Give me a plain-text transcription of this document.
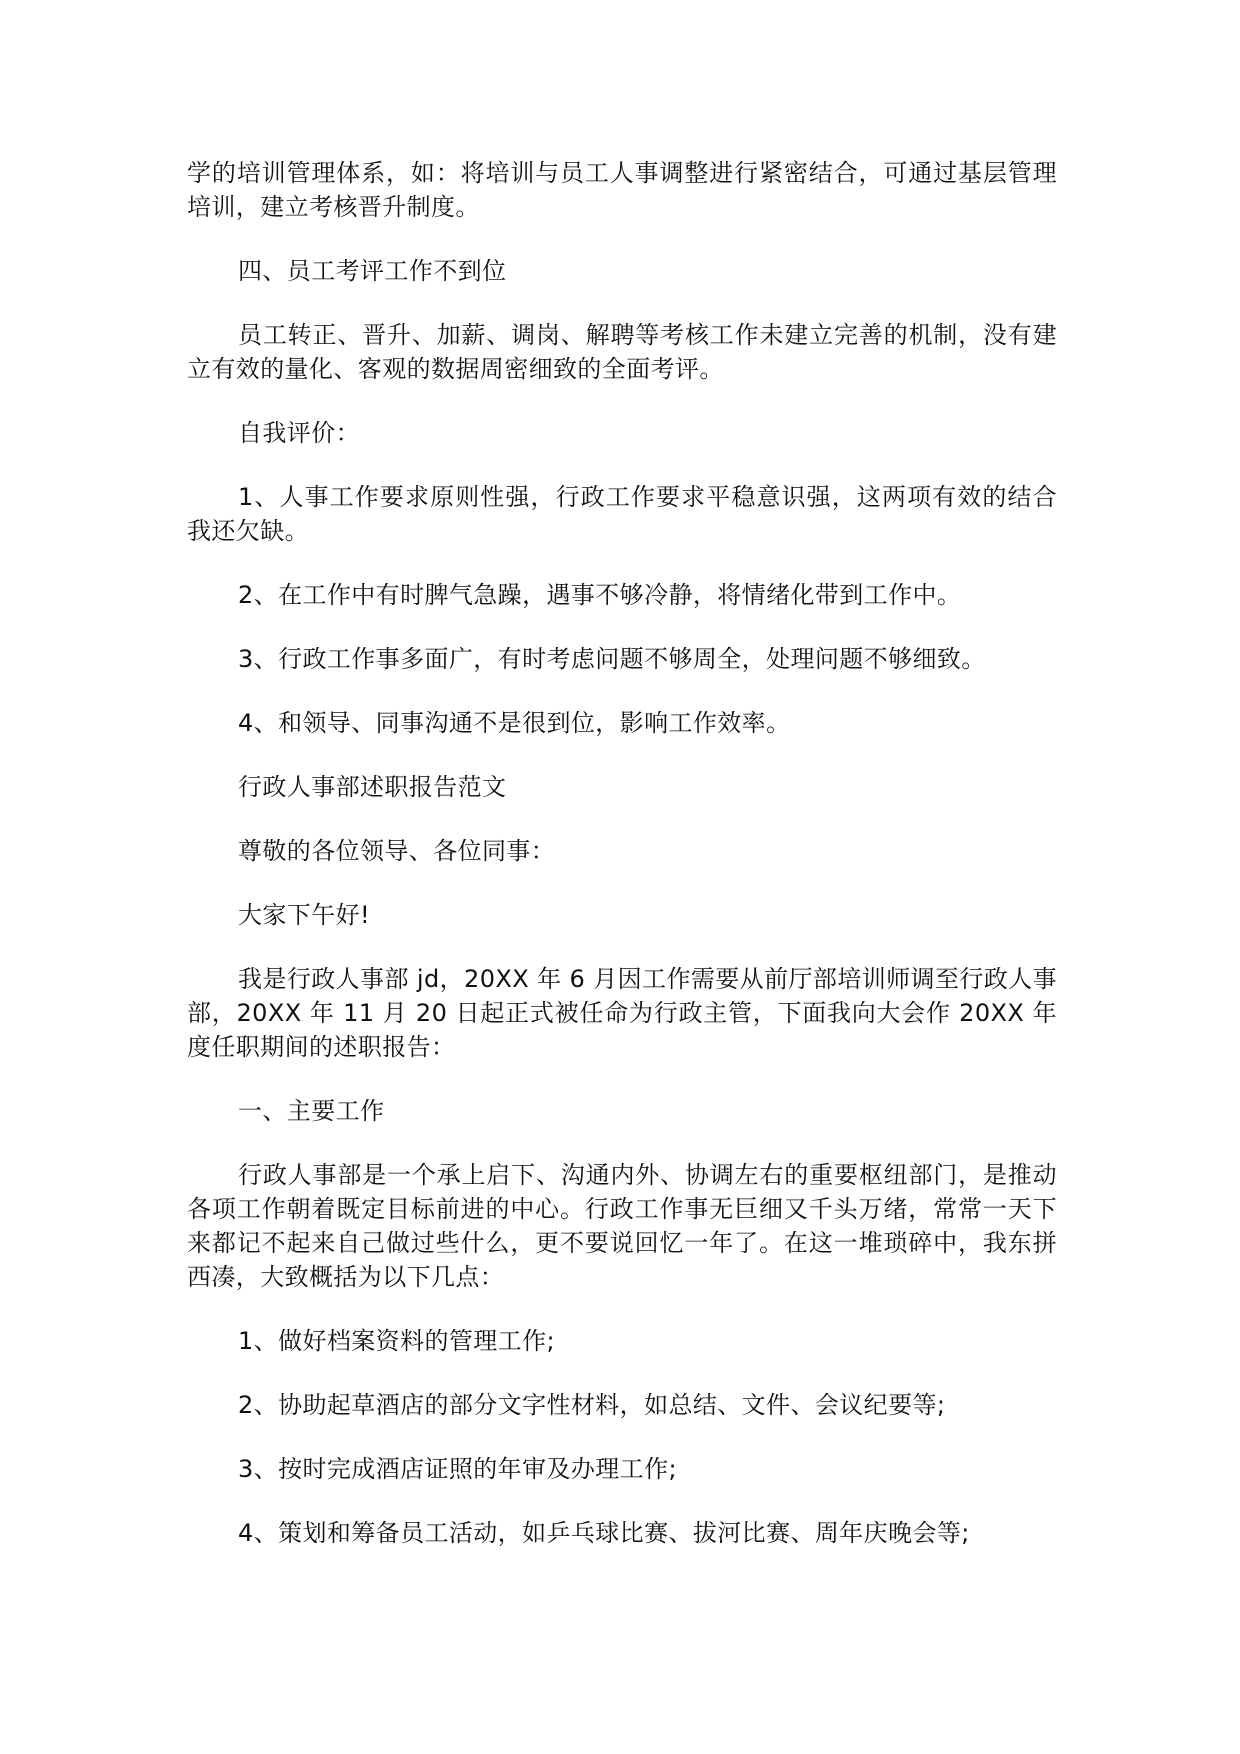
学的培训管理体系，如：将培训与员工人事调整进行紧密结合，可通过基层管理培训，建立考核晋升制度。

四、员工考评工作不到位

员工转正、晋升、加薪、调岗、解聘等考核工作未建立完善的机制，没有建立有效的量化、客观的数据周密细致的全面考评。

自我评价：

1、人事工作要求原则性强，行政工作要求平稳意识强，这两项有效的结合我还欠缺。

2、在工作中有时脾气急躁，遇事不够冷静，将情绪化带到工作中。

3、行政工作事多面广，有时考虑问题不够周全，处理问题不够细致。

4、和领导、同事沟通不是很到位，影响工作效率。

行政人事部述职报告范文

尊敬的各位领导、各位同事：

大家下午好!

我是行政人事部 jd，20XX 年 6 月因工作需要从前厅部培训师调至行政人事部，20XX 年 11 月 20 日起正式被任命为行政主管，下面我向大会作 20XX 年度任职期间的述职报告：

一、主要工作

行政人事部是一个承上启下、沟通内外、协调左右的重要枢纽部门，是推动各项工作朝着既定目标前进的中心。行政工作事无巨细又千头万绪，常常一天下来都记不起来自己做过些什么，更不要说回忆一年了。在这一堆琐碎中，我东拼西凑，大致概括为以下几点：

1、做好档案资料的管理工作;

2、协助起草酒店的部分文字性材料，如总结、文件、会议纪要等;

3、按时完成酒店证照的年审及办理工作;

4、策划和筹备员工活动，如乒乓球比赛、拔河比赛、周年庆晚会等;
